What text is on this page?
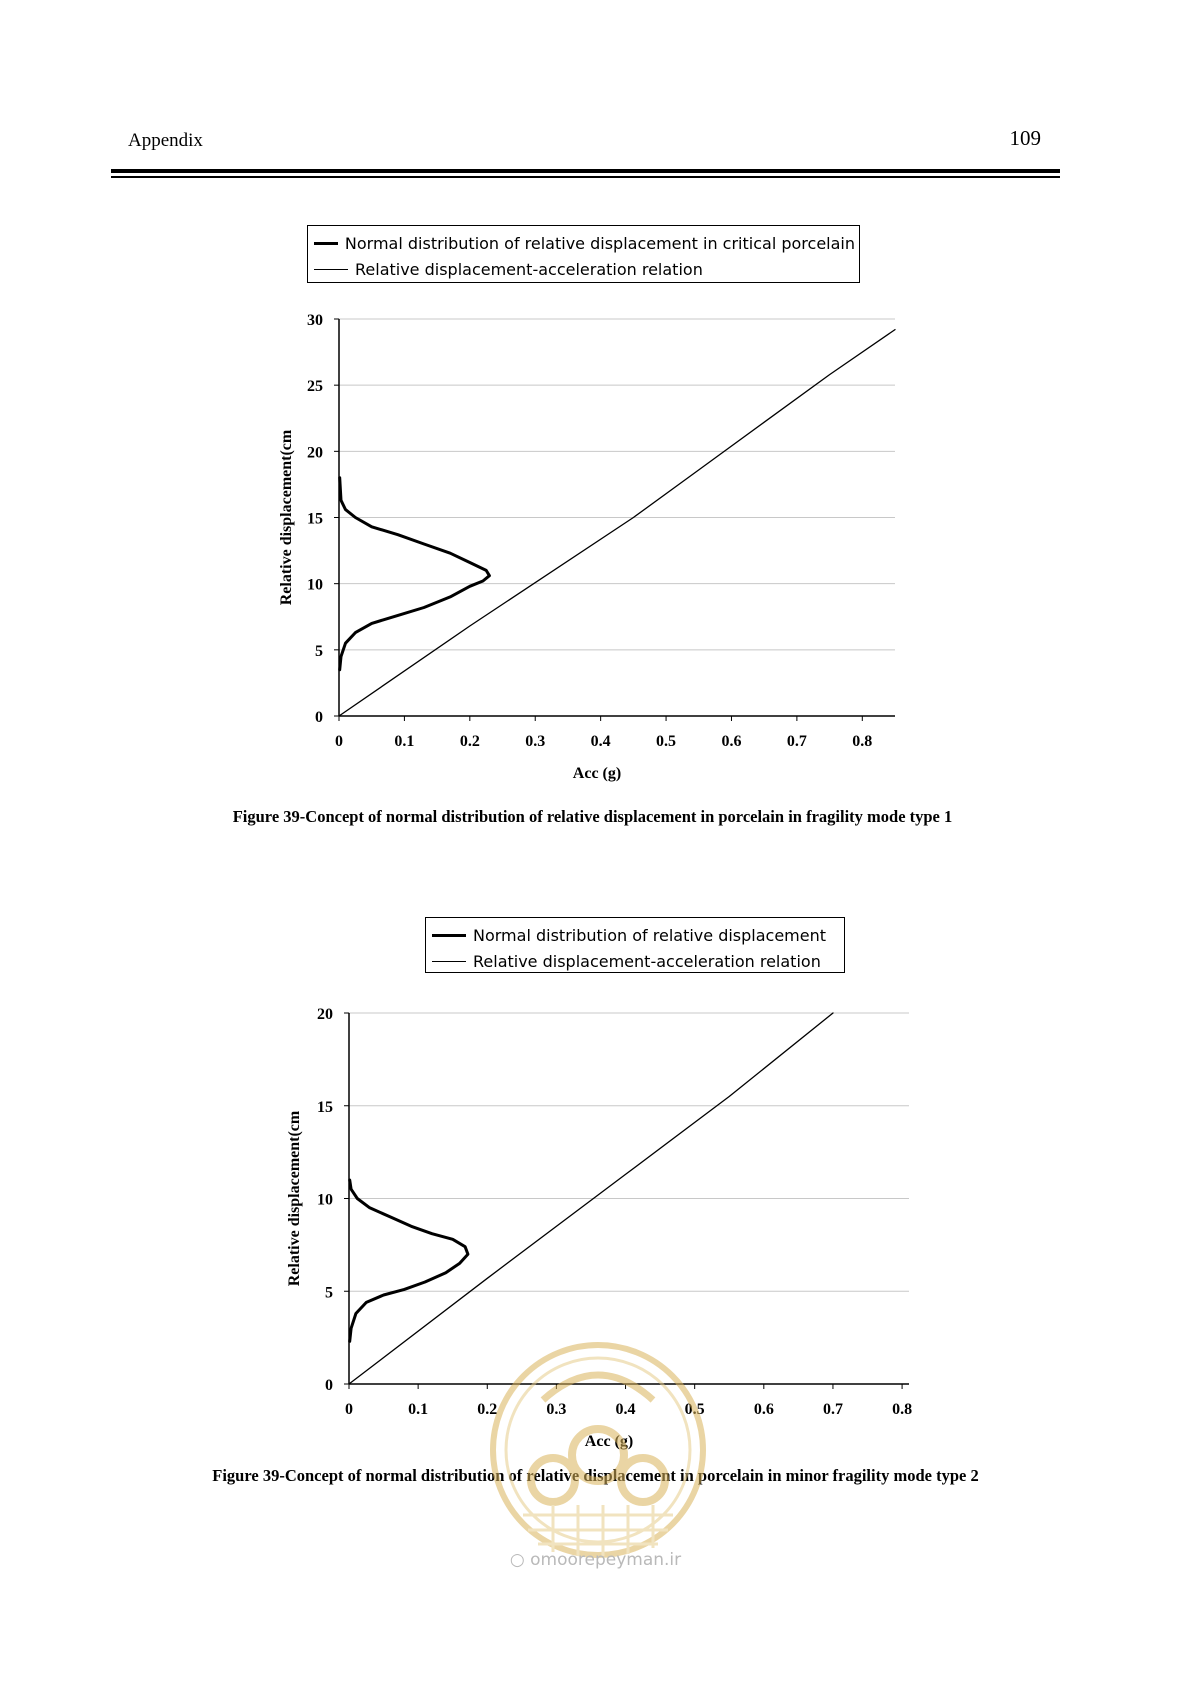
Appendix	109
0
5
10
15
20
25
30
0	0.1	0.2	0.3	0.4	0.5	0.6	0.7	0.8
Acc (g)
Relative displacement(cm
Normal distribution of relative displacement in critical porcelain
Relative displacement-acceleration relation
Figure 39-Concept of normal distribution of relative displacement in porcelain in fragility mode type 1
0
5
10
15
20
0	0.1	0.2	0.3	0.4	0.5	0.6	0.7	0.8
Acc (g)
Relative displacement(cm
Normal distribution of relative displacement
Relative displacement-acceleration relation
Figure 39-Concept of normal distribution of relative displacement in porcelain in minor fragility mode type 2
○ omoorepeyman.ir
